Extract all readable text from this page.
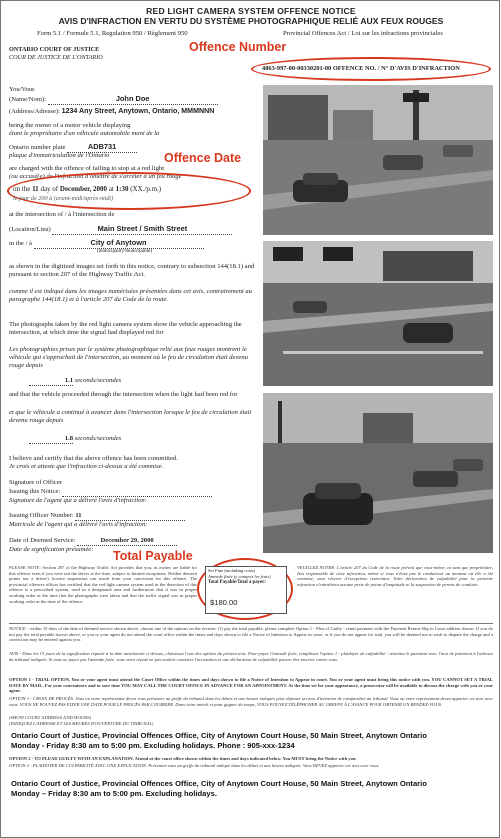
RED LIGHT CAMERA SYSTEM OFFENCE NOTICE
AVIS D'INFRACTION EN VERTU DU SYSTÈME PHOTOGRAPHIQUE RELIÉ AUX FEUX ROUGES
Form 5.1 / Formule 5.1, Regulation 950 / Règlement 950	Provincial Offences Act / Loi sur les infractions provinciales
ONTARIO COURT OF JUSTICE
COUR DE JUSTICE DE L'ONTARIO
Offence Number
4863-997-00-00330201-00 OFFENCE NO. / N° D'AVIS D'INFRACTION
You/Vous
(Name/Nom):	John Doe
(Address/Adresse): 1234 Any Street, Anytown, Ontario, MMMNNN
being the owner of a motor vehicle displaying
étant le propriétaire d'un véhicule automobile muni de la
Ontario number plate	ADB731
plaque d'immatriculation de l'Ontario	Offence Date
are charged with the offence of failing to stop at a red light
(ou accusé(e) de l'infraction d'omettre de s'arrêter à un feu rouge
on the 11 day of December, 2000 at 1:30 (XX./p.m.)
le jour de 200 à (avant-midi/après-midi)
at the intersection of / à l'intersection de
(Location/Lieu)	Main Street / Smith Street
in the / à	City of Anytown
(municipality/municipalité)
as shown in the digitized images set forth in this notice, contrary to subsection 144(18.1) and pursuant to section 207 of the Highway Traffic Act.
comme il est indiqué dans les images numérisées présentées dans cet avis, contrairement au paragraphe 144(18.1) et à l'article 207 du Code de la route.
The photographs taken by the red light camera system show the vehicle approaching the intersection, at which time the signal had displayed red for
Les photographies prises par le système photographique relié aux feux rouges montrent le véhicule qui s'approchait de l'intersection, au moment où le feu de circulation était devenu rouge depuis
1.1 seconds/secondes
and that the vehicle proceeded through the intersection when the light had been red for
et que le véhicule a continué à avancer dans l'intersection lorsque le feu de circulation était devenu rouge depuis
1.8 seconds/secondes
I believe and certify that the above offence has been committed.
Je crois et atteste que l'infraction ci-dessus a été commise.
Signature of Officer
Issuing this Notice:
Signature de l'agent qui a délivré l'avis d'infraction:
Issuing Officer Number: 11
Matricule de l'agent qui a délivré l'avis d'infraction:
Date of Deemed Service:	December 29, 2000
Date de signification présumée: Total Payable
Set Fine (including costs)
Amende fixée (y compris les frais)
Total Payable/Total à payer:
$180.00
PLEASE NOTE: Section 207 of the Highway Traffic Act provides that you, as owner, are liable for this offence even if you were not the driver at the time, subject to limited exceptions. Neither demerit points nor a driver's licence suspension can result from your conviction for this offence. The provincial offences officer has certified that the red light camera system used in the detection of this offence is a prescribed system, used in a designated area and furthermore that it was in proper working order at the time that the photographs were taken and that the traffic signal was in proper working order at the time of the offence.
VEUILLEZ NOTER: L'article 207 du Code de la route prévoit que vous-même, en tant que propriétaire, êtes responsable de cette infraction, même si vous n'étiez pas le conducteur au moment où elle a été commise, sous réserve d'exceptions restreintes. Votre déclaration de culpabilité pour la présente infraction n'entraînera aucune perte de points d'inaptitude ni la suspension de permis de conduire.
NOTICE - within 15 days of the date of deemed service shown above, choose one of the options on the reverse: (1) pay the total payable, please complete Option 1 - Plea of Guilty - remit payment with the Payment Return Slip to Court address shown. If you do not pay the total payable shown above, or you or your agent do not attend the court office within the times and days shown to file a Notice of Intention to Appear in court, or if you do not appear for trial, you will be deemed not to wish to dispute the charge and a conviction may be entered against you.
AVIS - Dans les 15 jours de la signification réputée à la date mentionnée ci-dessus, choisissez l'une des options du présent avis. Pour payer l'amende fixée, remplissez l'option 1 - plaidoyer de culpabilité - remettez le paiement avec l'avis de paiement à l'adresse du tribunal indiquée. Si vous ne payez pas l'amende fixée, vous serez réputé ne pas vouloir contester l'accusation et une déclaration de culpabilité pourra être inscrite contre vous.
OPTION 1 - TRIAL OPTION. You or your agent must attend the Court Office within the times and days shown to file a Notice of Intention to Appear in court. You or your agent must bring this notice with you. YOU CANNOT SET A TRIAL DATE BY MAIL. For your convenience and to save time YOU MAY CALL THE COURT OFFICE IN ADVANCE FOR AN APPOINTMENT. At the time set for your appearance, a prosecutor will be available to discuss the charge with you or your agent.
OPTION 1 - CHOIX DE PROCÈS. Vous ou votre représentant devez vous présenter au greffe du tribunal dans les délais et aux heures indiqués pour déposer un avis d'intention de comparaître au tribunal. Vous ou votre représentant devez apporter cet avis avec vous. VOUS NE POUVEZ PAS FIXER UNE DATE POUR LE PROCÈS PAR COURRIER. Dans votre intérêt et pour gagner du temps, VOUS POUVEZ TÉLÉPHONER AU GREFFE À L'AVANCE POUR OBTENIR UN RENDEZ-VOUS.
(SHOW COURT ADDRESS AND HOURS)
(INDIQUEZ L'ADRESSE ET LES HEURES D'OUVERTURE DU TRIBUNAL)
Ontario Court of Justice, Provincial Offences Office, City of Anytown Court House, 50 Main Street, Anytown Ontario
Monday - Friday 8:30 am to 5:00 pm. Excluding holidays. Phone : 905-xxx-1234
OPTION 2 - TO PLEAD GUILTY WITH AN EXPLANATION. Attend at the court office shown within the times and days indicated below. You MUST bring the Notice with you.
OPTION 2 - PLAIDOYER DE CULPABILITÉ AVEC UNE EXPLICATION. Présentez-vous au greffe du tribunal indiqué dans les délais et aux heures indiqués. Vous DEVEZ apporter cet avis avec vous.
Ontario Court of Justice, Provincial Offences Office, City of Anytown Court House, 50 Main Street, Anytown Ontario
Monday – Friday 8:30 am to 5:00 pm. Excluding holidays.
